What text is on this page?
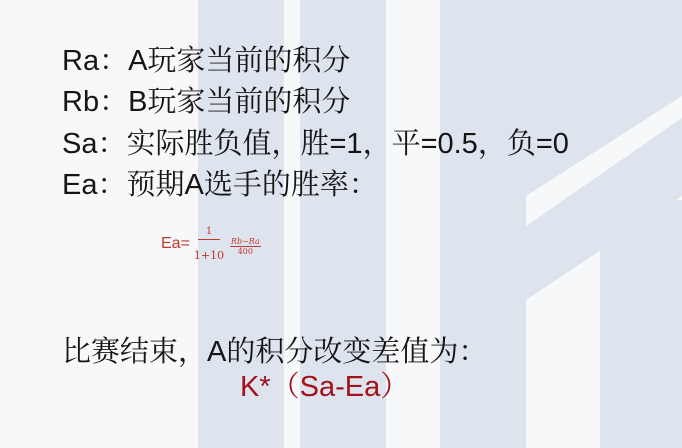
Ra：A玩家当前的积分
Rb：B玩家当前的积分
Sa：实际胜负值，胜=1，平=0.5，负=0
Ea：预期A选手的胜率：
$Ea= \frac{1}{1+10 \frac{Rb-Ra}{400}}$
比赛结束，A的积分改变差值为：
K*（Sa-Ea）
